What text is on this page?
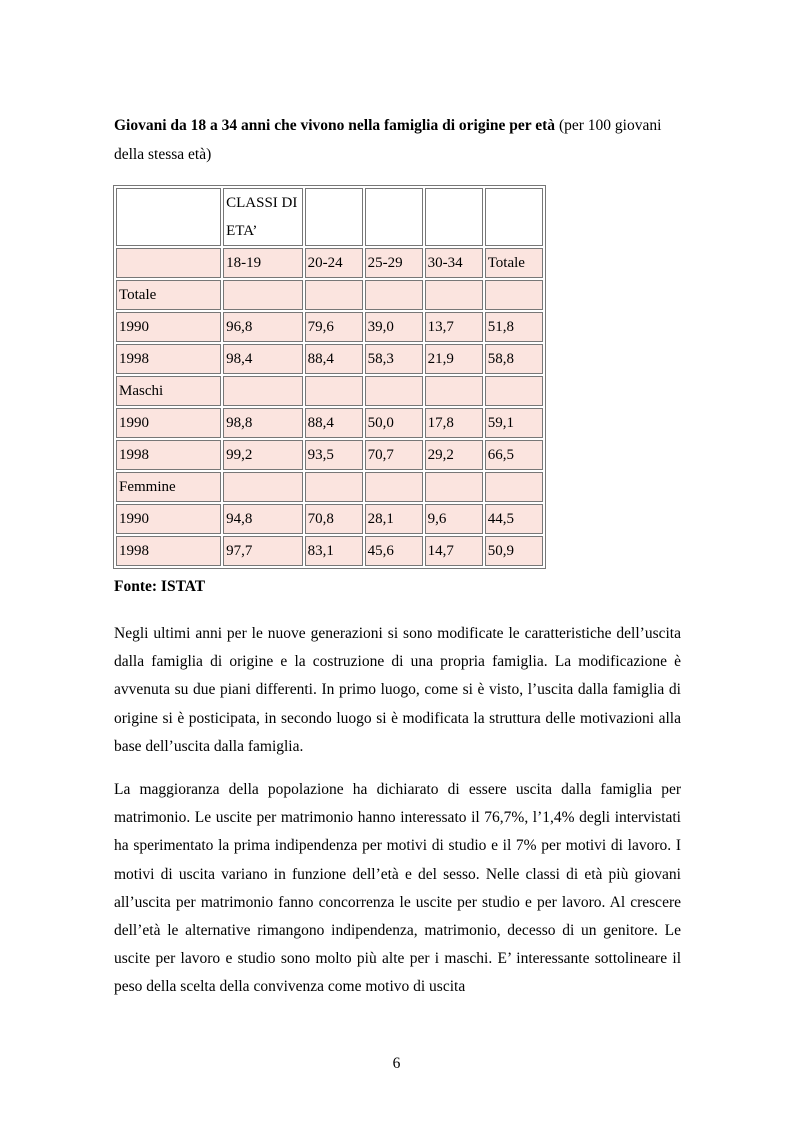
Giovani da 18 a 34 anni che vivono nella famiglia di origine per età (per 100 giovani della stessa età)
	CLASSI DI ETA’				
	18-19	20-24	25-29	30-34	Totale
Totale					
1990	96,8	79,6	39,0	13,7	51,8
1998	98,4	88,4	58,3	21,9	58,8
Maschi					
1990	98,8	88,4	50,0	17,8	59,1
1998	99,2	93,5	70,7	29,2	66,5
Femmine					
1990	94,8	70,8	28,1	9,6	44,5
1998	97,7	83,1	45,6	14,7	50,9
Fonte: ISTAT

Negli ultimi anni per le nuove generazioni si sono modificate le caratteristiche dell’uscita dalla famiglia di origine e la costruzione di una propria famiglia. La modificazione è avvenuta su due piani differenti. In primo luogo, come si è visto, l’uscita dalla famiglia di origine si è posticipata, in secondo luogo si è modificata la struttura delle motivazioni alla base dell’uscita dalla famiglia.

La maggioranza della popolazione ha dichiarato di essere uscita dalla famiglia per matrimonio. Le uscite per matrimonio hanno interessato il 76,7%, l’1,4% degli intervistati ha sperimentato la prima indipendenza per motivi di studio e il 7% per motivi di lavoro. I motivi di uscita variano in funzione dell’età e del sesso. Nelle classi di età più giovani all’uscita per matrimonio fanno concorrenza le uscite per studio e per lavoro. Al crescere dell’età le alternative rimangono indipendenza, matrimonio, decesso di un genitore. Le uscite per lavoro e studio sono molto più alte per i maschi. E’ interessante sottolineare il peso della scelta della convivenza come motivo di uscita

6
